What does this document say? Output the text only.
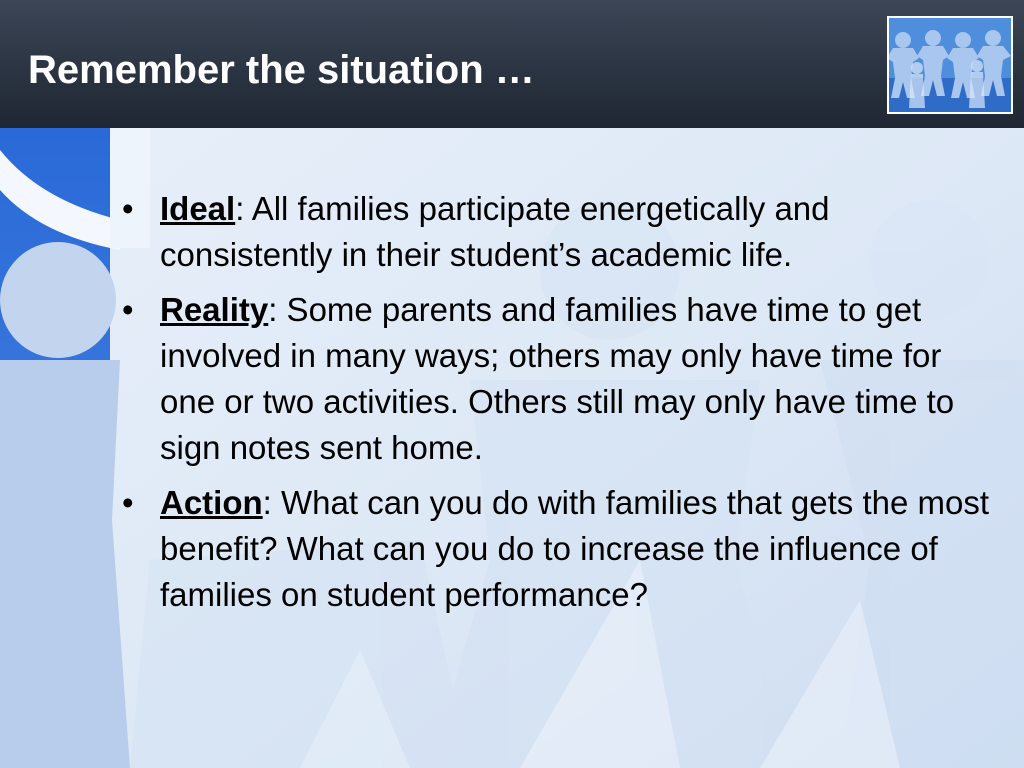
Remember the situation …

• Ideal: All families participate energetically and consistently in their student’s academic life.

• Reality: Some parents and families have time to get involved in many ways; others may only have time for one or two activities. Others still may only have time to sign notes sent home.

• Action: What can you do with families that gets the most benefit? What can you do to increase the influence of families on student performance?
